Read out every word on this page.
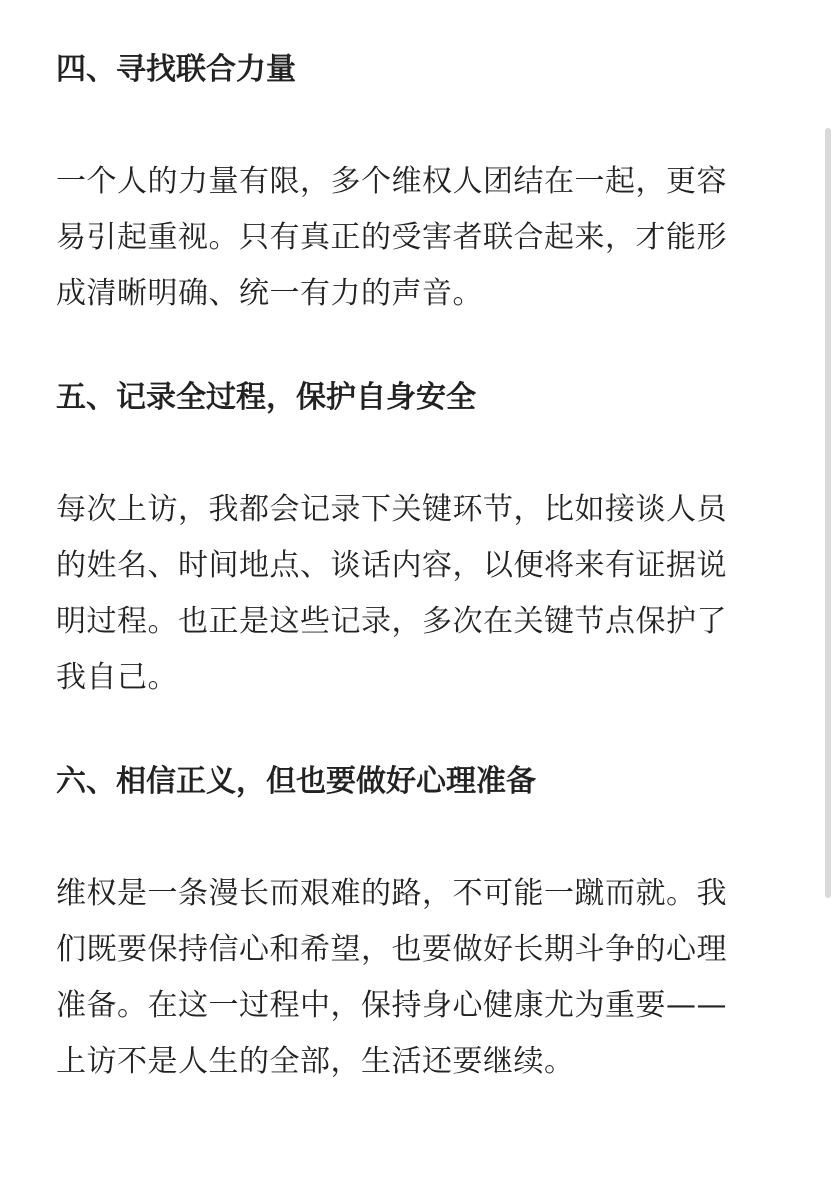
四、寻找联合力量

一个人的力量有限，多个维权人团结在一起，更容
易引起重视。只有真正的受害者联合起来，才能形
成清晰明确、统一有力的声音。

五、记录全过程，保护自身安全

每次上访，我都会记录下关键环节，比如接谈人员
的姓名、时间地点、谈话内容，以便将来有证据说
明过程。也正是这些记录，多次在关键节点保护了
我自己。

六、相信正义，但也要做好心理准备

维权是一条漫长而艰难的路，不可能一蹴而就。我
们既要保持信心和希望，也要做好长期斗争的心理
准备。在这一过程中，保持身心健康尤为重要——
上访不是人生的全部，生活还要继续。
